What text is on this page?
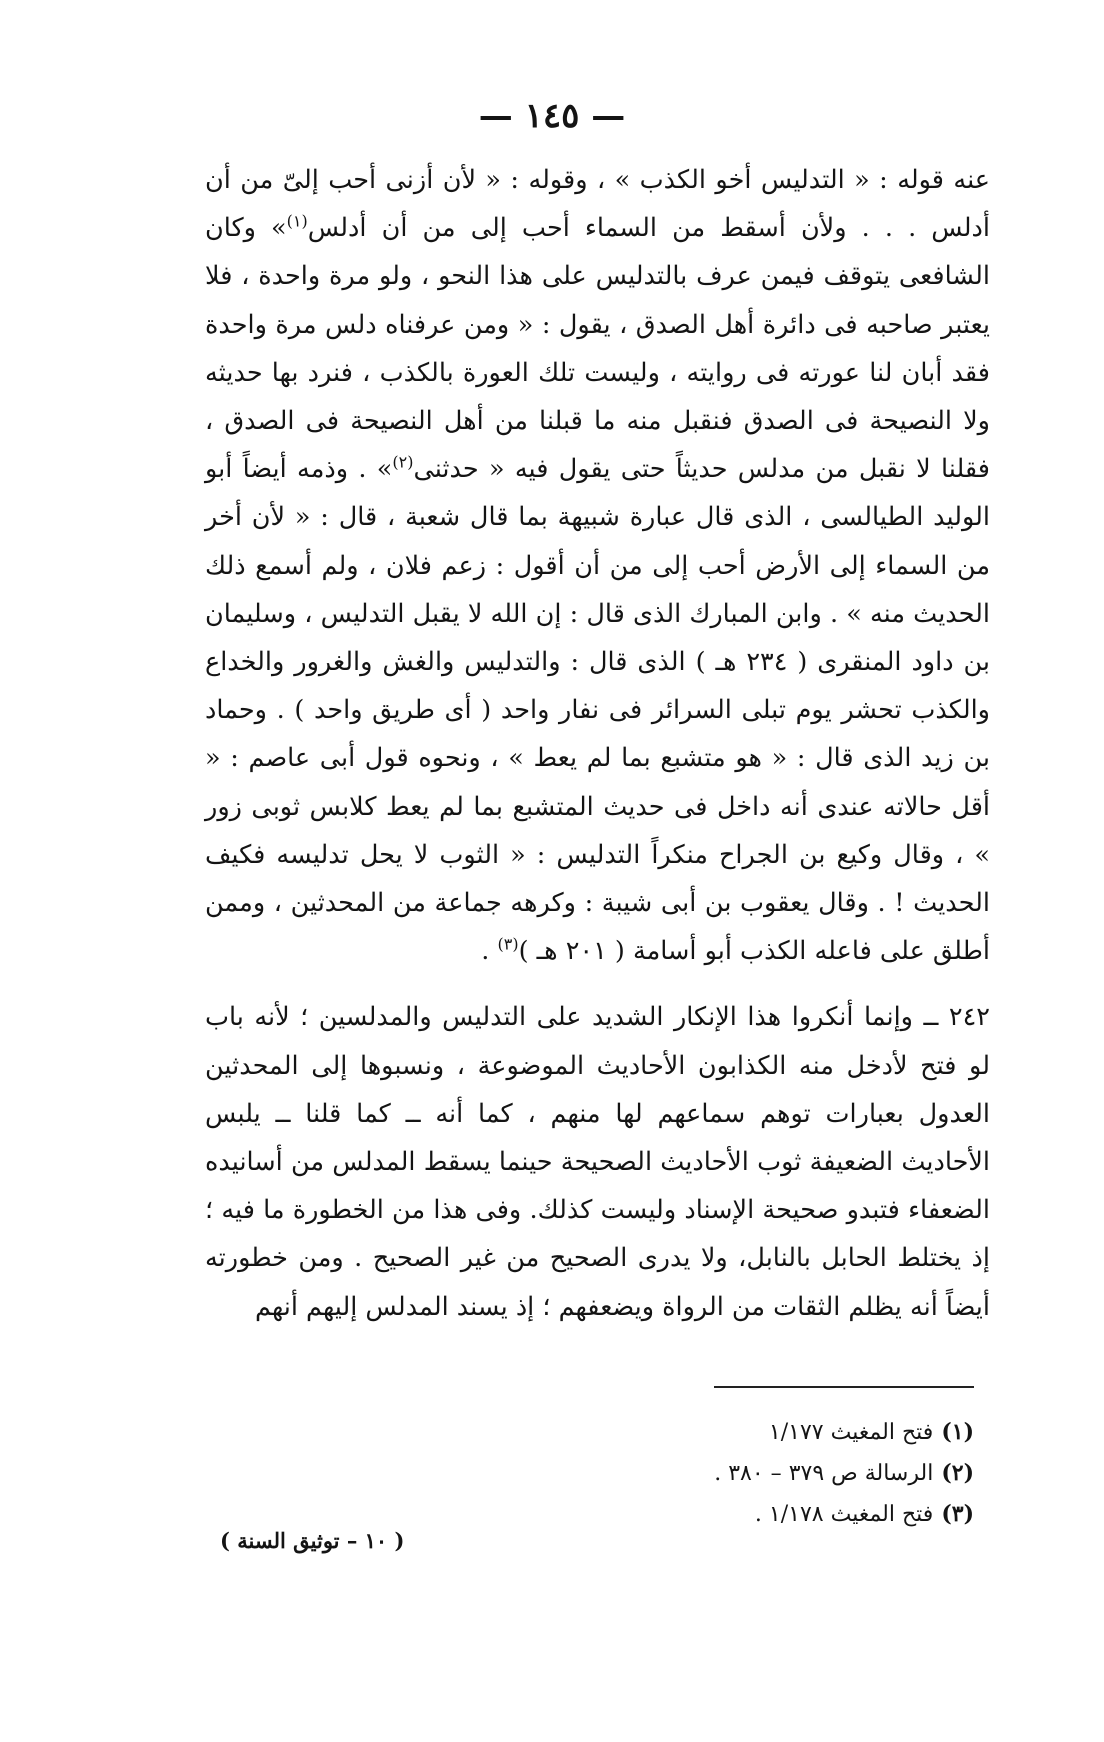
— ١٤٥ —

عنه قوله : « التدليس أخو الكذب » ، وقوله : « لأن أزنى أحب إلىّ من أن أدلس . . . ولأن أسقط من السماء أحب إلى من أن أدلس$^{(١)}$» وكان الشافعى يتوقف فيمن عرف بالتدليس على هذا النحو ، ولو مرة واحدة ، فلا يعتبر صاحبه فى دائرة أهل الصدق ، يقول : « ومن عرفناه دلس مرة واحدة فقد أبان لنا عورته فى روايته ، وليست تلك العورة بالكذب ، فنرد بها حديثه ولا النصيحة فى الصدق فنقبل منه ما قبلنا من أهل النصيحة فى الصدق ، فقلنا لا نقبل من مدلس حديثاً حتى يقول فيه « حدثنى$^{(٢)}$» . وذمه أيضاً أبو الوليد الطيالسى ، الذى قال عبارة شبيهة بما قال شعبة ، قال : « لأن أخر من السماء إلى الأرض أحب إلى من أن أقول : زعم فلان ، ولم أسمع ذلك الحديث منه » . وابن المبارك الذى قال : إن الله لا يقبل التدليس ، وسليمان بن داود المنقرى ( ٢٣٤ هـ ) الذى قال : والتدليس والغش والغرور والخداع والكذب تحشر يوم تبلى السرائر فى نفار واحد ( أى طريق واحد ) . وحماد بن زيد الذى قال : « هو متشبع بما لم يعط » ، ونحوه قول أبى عاصم : « أقل حالاته عندى أنه داخل فى حديث المتشبع بما لم يعط كلابس ثوبى زور » ، وقال وكيع بن الجراح منكراً التدليس : « الثوب لا يحل تدليسه فكيف الحديث ! . وقال يعقوب بن أبى شيبة : وكرهه جماعة من المحدثين ، وممن أطلق على فاعله الكذب أبو أسامة ( ٢٠١ هـ )$^{(٣)}$ .

٢٤٢ ــ وإنما أنكروا هذا الإنكار الشديد على التدليس والمدلسين ؛ لأنه باب لو فتح لأدخل منه الكذابون الأحاديث الموضوعة ، ونسبوها إلى المحدثين العدول بعبارات توهم سماعهم لها منهم ، كما أنه ــ كما قلنا ــ يلبس الأحاديث الضعيفة ثوب الأحاديث الصحيحة حينما يسقط المدلس من أسانيده الضعفاء فتبدو صحيحة الإسناد وليست كذلك. وفى هذا من الخطورة ما فيه ؛ إذ يختلط الحابل بالنابل، ولا يدرى الصحيح من غير الصحيح . ومن خطورته أيضاً أنه يظلم الثقات من الرواة ويضعفهم ؛ إذ يسند المدلس إليهم أنهم

(١)فتح المغيث ١/١٧٧
(٢)الرسالة ص ٣٧٩ – ٣٨٠ .
(٣)فتح المغيث ١/١٧٨ .
( ١٠ – توثيق السنة )
